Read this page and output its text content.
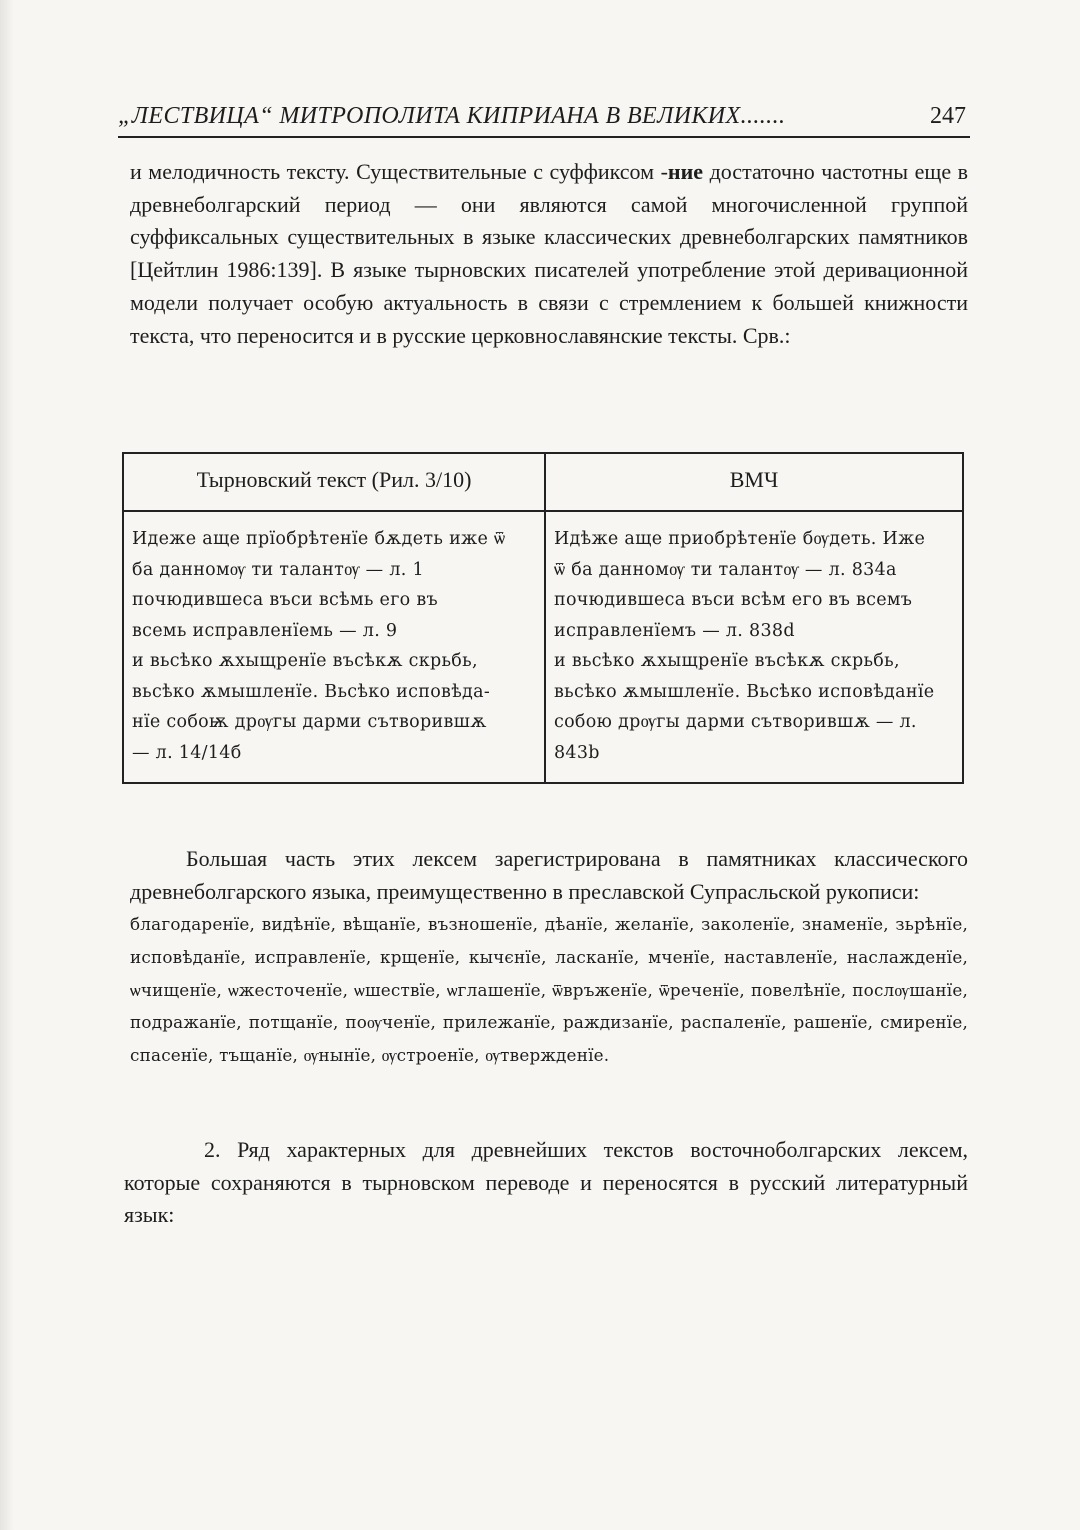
„ЛЕСТВИЦА“ МИТРОПОЛИТА КИПРИАНА В ВЕЛИКИХ.......	247
и мелодичность тексту. Существительные с суффиксом -ние достаточно частотны еще в древнеболгарский период — они являются самой многочисленной группой суффиксальных существительных в языке классических древнеболгарских памятников [Цейтлин 1986:139]. В языке тырновских писателей употребление этой деривационной модели получает особую актуальность в связи с стремлением к большей книжности текста, что переносится и в русские церковнославянские тексты. Срв.:
Тырновский текст (Рил. 3/10)	ВМЧ
Идеже аще прїобрѣтенїе бѫдеть иже ѿ
ба данномѹ ти талантѹ — л. 1
почюдившеса въси всѣмь его въ
всемь исправленїемь — л. 9
и вьсѣко ѫхыщренїе въсѣкѫ скрьбь,
вьсѣко ѫмышленїе. Вьсѣко исповѣда-
нїе собоѭ дрѹгы дарми сътворившѫ
— л. 14/14б
Идѣже аще приобрѣтенїе бѹдеть. Иже
ѿ ба данномѹ ти талантѹ — л. 834а
почюдившеса въси всѣм его въ всемъ
исправленїемъ — л. 838d
и вьсѣко ѫхыщренїе въсѣкѫ скрьбь,
вьсѣко ѫмышленїе. Вьсѣко исповѣданїе
собою дрѹгы дарми сътворившѫ — л.
843b
Большая часть этих лексем зарегистрирована в памятниках классического древнеболгарского языка, преимущественно в преславской Супрасльской рукописи:
благодаренїе, видѣнїе, вѣщанїе, възношенїе, дѣанїе, желанїе, заколенїе, знаменїе, зьрѣнїе, исповѣданїе, исправленїе, крщенїе, кычєнїе, ласканїе, мченїе, наставленїе, наслажденїе, ѡчищенїе, ѡжесточенїе, ѡшествїе, ѡглашенїе, ѿвръженїе, ѿреченїе, повелѣнїе, послѹшанїе, подражанїе, потщанїе, поѹченїе, прилежанїе, раждизанїе, распаленїе, рашенїе, смиренїе, спасенїе, тъщанїе, ѹнынїе, ѹстроенїе, ѹтвержденїе.
2. Ряд характерных для древнейших текстов восточноболгарских лексем, которые сохраняются в тырновском переводе и переносятся в русский литературный язык:
